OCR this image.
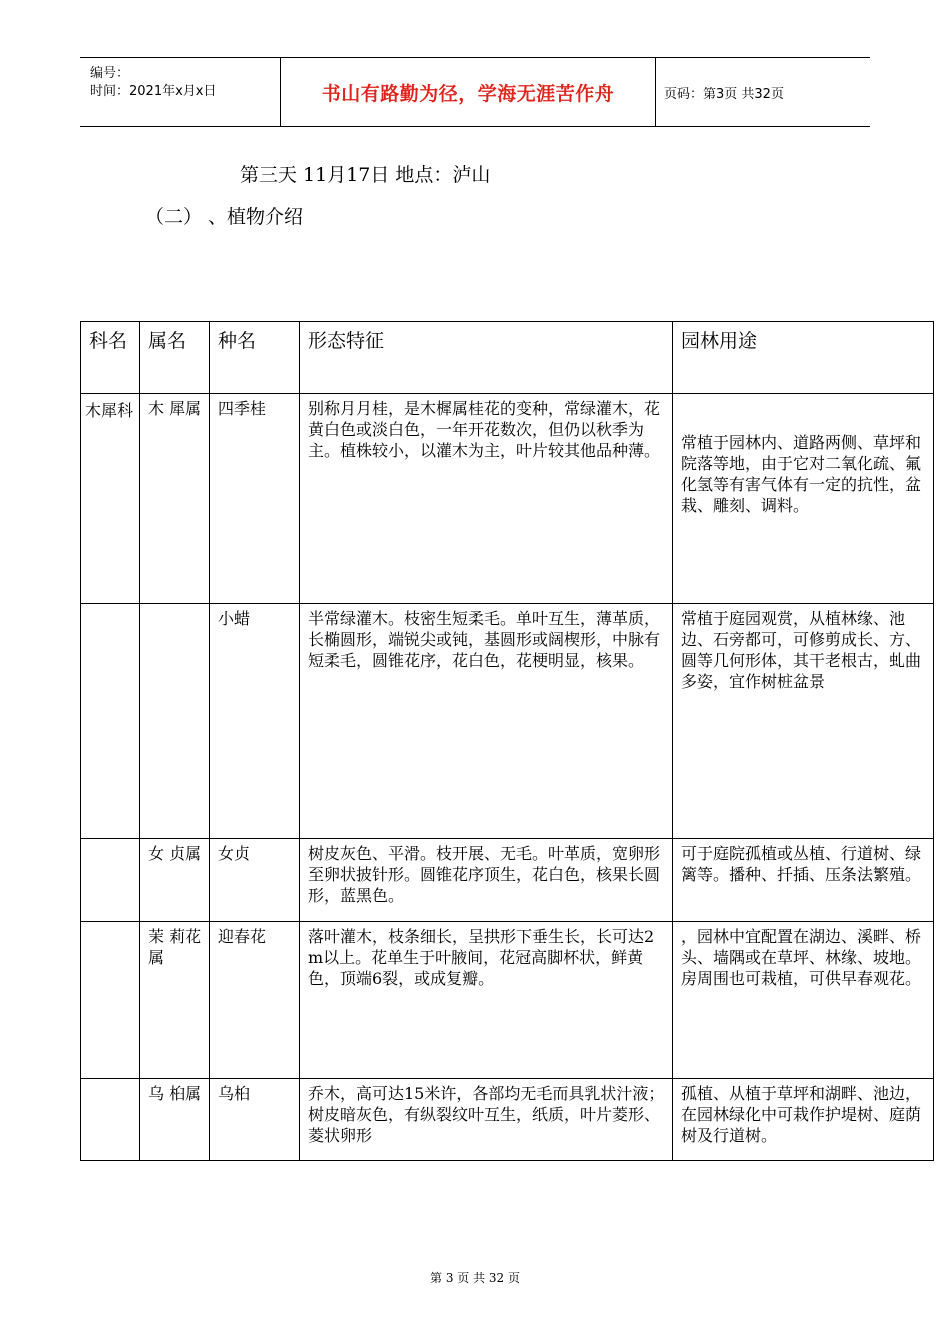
编号：
时间：2021年x月x日	书山有路勤为径，学海无涯苦作舟	页码：第3页 共32页
第三天 11月17日 地点：泸山
（二） 、植物介绍
科名	属名	种名	形态特征	园林用途
木犀科	木 犀属	四季桂	别称月月桂，是木樨属桂花的变种，常绿灌木，花黄白色或淡白色，一年开花数次，但仍以秋季为主。植株较小，以灌木为主，叶片较其他品种薄。	常植于园林内、道路两侧、草坪和院落等地，由于它对二氧化疏、氟化氢等有害气体有一定的抗性，盆栽、雕刻、调料。
		小蜡	半常绿灌木。枝密生短柔毛。单叶互生，薄革质，长椭圆形，端锐尖或钝，基圆形或阔楔形，中脉有短柔毛，圆锥花序，花白色，花梗明显，核果。	常植于庭园观赏，从植林缘、池边、石旁都可，可修剪成长、方、圆等几何形体，其干老根古，虬曲多姿，宜作树桩盆景
	女 贞属	女贞	树皮灰色、平滑。枝开展、无毛。叶革质，宽卵形至卵状披针形。圆锥花序顶生，花白色，核果长圆形，蓝黑色。	可于庭院孤植或丛植、行道树、绿篱等。播种、扦插、压条法繁殖。
	茉 莉花属	迎春花	落叶灌木，枝条细长，呈拱形下垂生长，长可达2m以上。花单生于叶腋间，花冠高脚杯状，鲜黄色，顶端6裂，或成复瓣。	，园林中宜配置在湖边、溪畔、桥头、墙隅或在草坪、林缘、坡地。房周围也可栽植，可供早春观花。
	乌 桕属	乌桕	乔木，高可达15米许，各部均无毛而具乳状汁液；树皮暗灰色，有纵裂纹叶互生，纸质，叶片菱形、菱状卵形	孤植、从植于草坪和湖畔、池边，在园林绿化中可栽作护堤树、庭荫树及行道树。
第 3 页 共 32 页
